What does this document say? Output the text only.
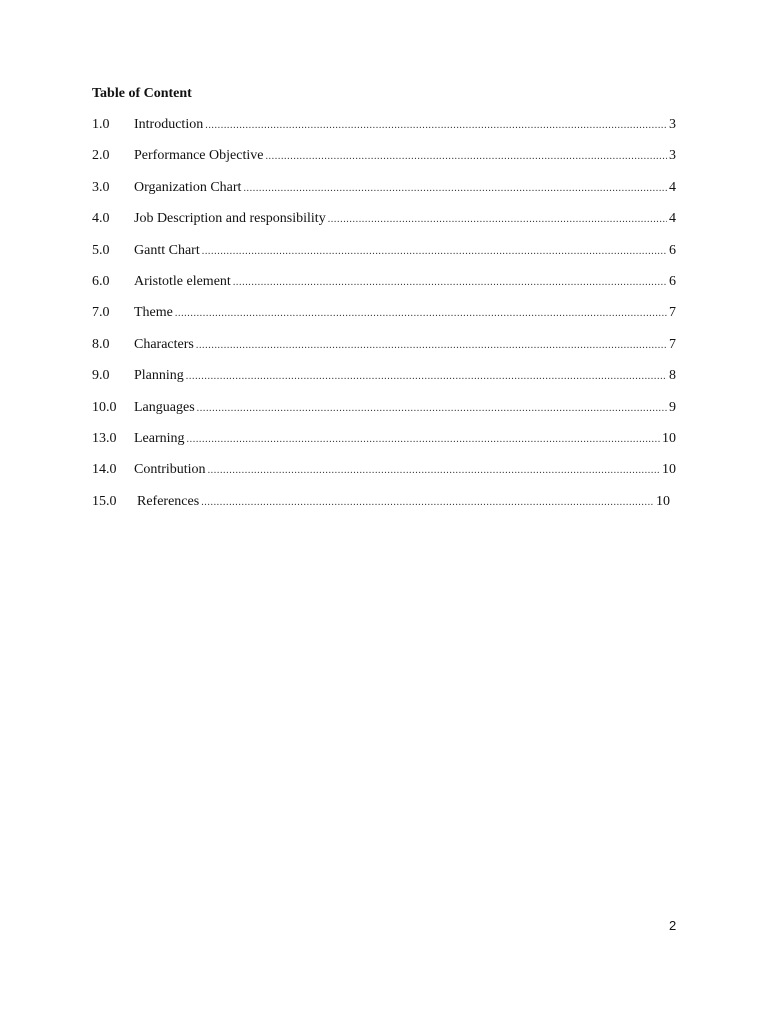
Table of Content
1.0	Introduction .....	3
2.0	Performance Objective .....	3
3.0	Organization Chart .....	4
4.0	Job Description and responsibility .....	4
5.0	Gantt Chart .....	6
6.0	Aristotle element .....	6
7.0	Theme .....	7
8.0	Characters .....	7
9.0	Planning .....	8
10.0	Languages .....	9
13.0	Learning .....	10
14.0	Contribution .....	10
15.0	References .....	10
2
